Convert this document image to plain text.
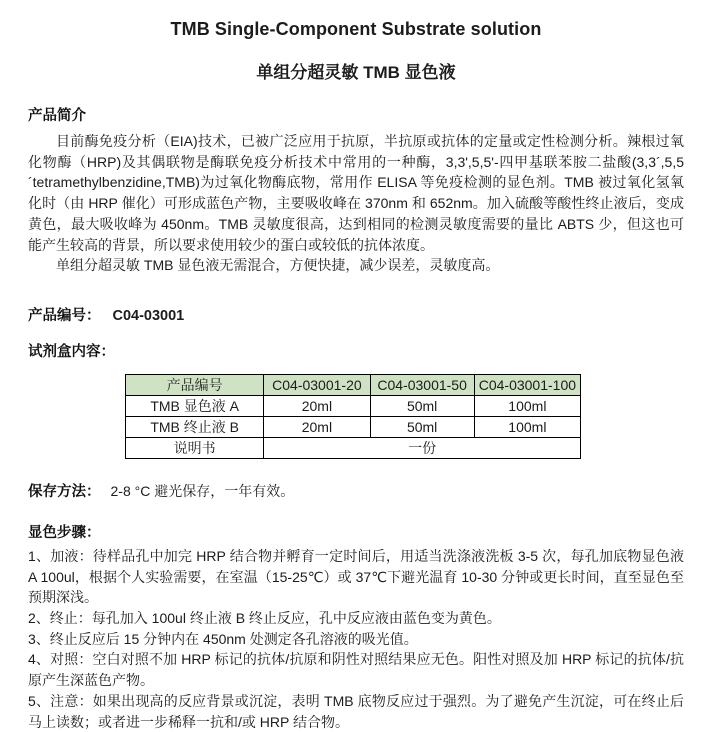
TMB Single-Component Substrate solution
单组分超灵敏 TMB 显色液
产品简介

目前酶免疫分析（EIA)技术，已被广泛应用于抗原，半抗原或抗体的定量或定性检测分析。辣根过氧化物酶（HRP)及其偶联物是酶联免疫分析技术中常用的一种酶，3,3',5,5'-四甲基联苯胺二盐酸(3,3´,5,5´tetramethylbenzidine,TMB)为过氧化物酶底物，常用作 ELISA 等免疫检测的显色剂。TMB 被过氧化氢氧化时（由 HRP 催化）可形成蓝色产物，主要吸收峰在 370nm 和 652nm。加入硫酸等酸性终止液后，变成黄色，最大吸收峰为 450nm。TMB 灵敏度很高，达到相同的检测灵敏度需要的量比 ABTS 少，但这也可能产生较高的背景，所以要求使用较少的蛋白或较低的抗体浓度。

单组分超灵敏 TMB 显色液无需混合，方便快捷，减少误差，灵敏度高。

产品编号： C04-03001
试剂盒内容：
产品编号	C04-03001-20	C04-03001-50	C04-03001-100
TMB 显色液 A	20ml	50ml	100ml
TMB 终止液 B	20ml	50ml	100ml
说明书	一份		
保存方法： 2-8 °C 避光保存，一年有效。
显色步骤：

1、加液：待样品孔中加完 HRP 结合物并孵育一定时间后，用适当洗涤液洗板 3-5 次，每孔加底物显色液 A 100ul，根据个人实验需要，在室温（15-25℃）或 37℃下避光温育 10-30 分钟或更长时间，直至显色至预期深浅。

2、终止：每孔加入 100ul 终止液 B 终止反应，孔中反应液由蓝色变为黄色。

3、终止反应后 15 分钟内在 450nm 处测定各孔溶液的吸光值。

4、对照：空白对照不加 HRP 标记的抗体/抗原和阴性对照结果应无色。阳性对照及加 HRP 标记的抗体/抗原产生深蓝色产物。

5、注意：如果出现高的反应背景或沉淀，表明 TMB 底物反应过于强烈。为了避免产生沉淀，可在终止后马上读数；或者进一步稀释一抗和/或 HRP 结合物。
